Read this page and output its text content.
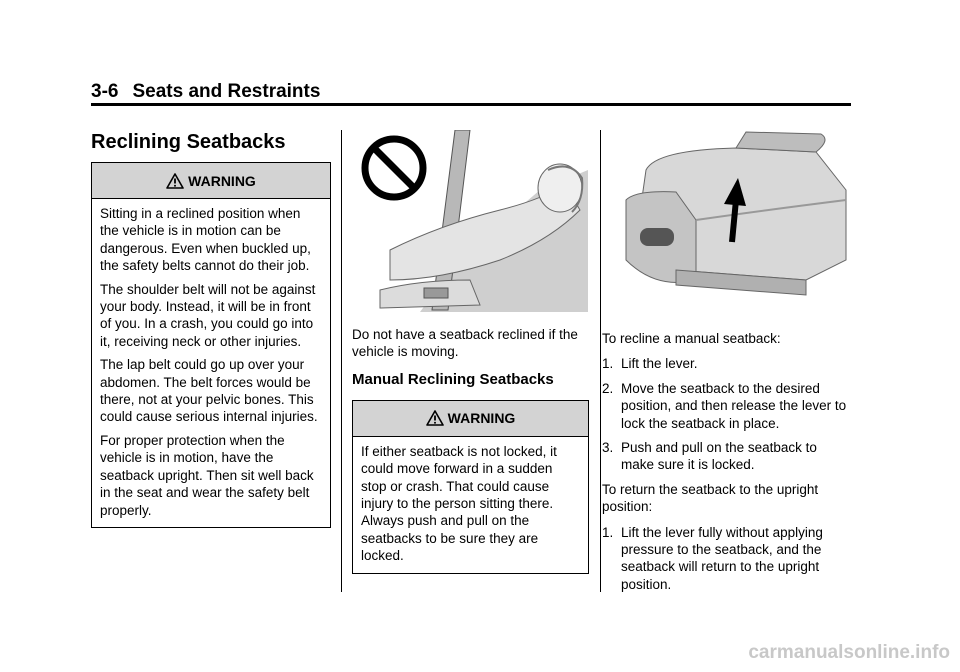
3-6 Seats and Restraints
Reclining Seatbacks
WARNING

Sitting in a reclined position when the vehicle is in motion can be dangerous. Even when buckled up, the safety belts cannot do their job.

The shoulder belt will not be against your body. Instead, it will be in front of you. In a crash, you could go into it, receiving neck or other injuries.

The lap belt could go up over your abdomen. The belt forces would be there, not at your pelvic bones. This could cause serious internal injuries.

For proper protection when the vehicle is in motion, have the seatback upright. Then sit well back in the seat and wear the safety belt properly.

Do not have a seatback reclined if the vehicle is moving.

Manual Reclining Seatbacks
WARNING

If either seatback is not locked, it could move forward in a sudden stop or crash. That could cause injury to the person sitting there. Always push and pull on the seatbacks to be sure they are locked.

To recline a manual seatback:

1. Lift the lever.
2. Move the seatback to the desired position, and then release the lever to lock the seatback in place.
3. Push and pull on the seatback to make sure it is locked.

To return the seatback to the upright position:

1. Lift the lever fully without applying pressure to the seatback, and the seatback will return to the upright position.
carmanualsonline.info
